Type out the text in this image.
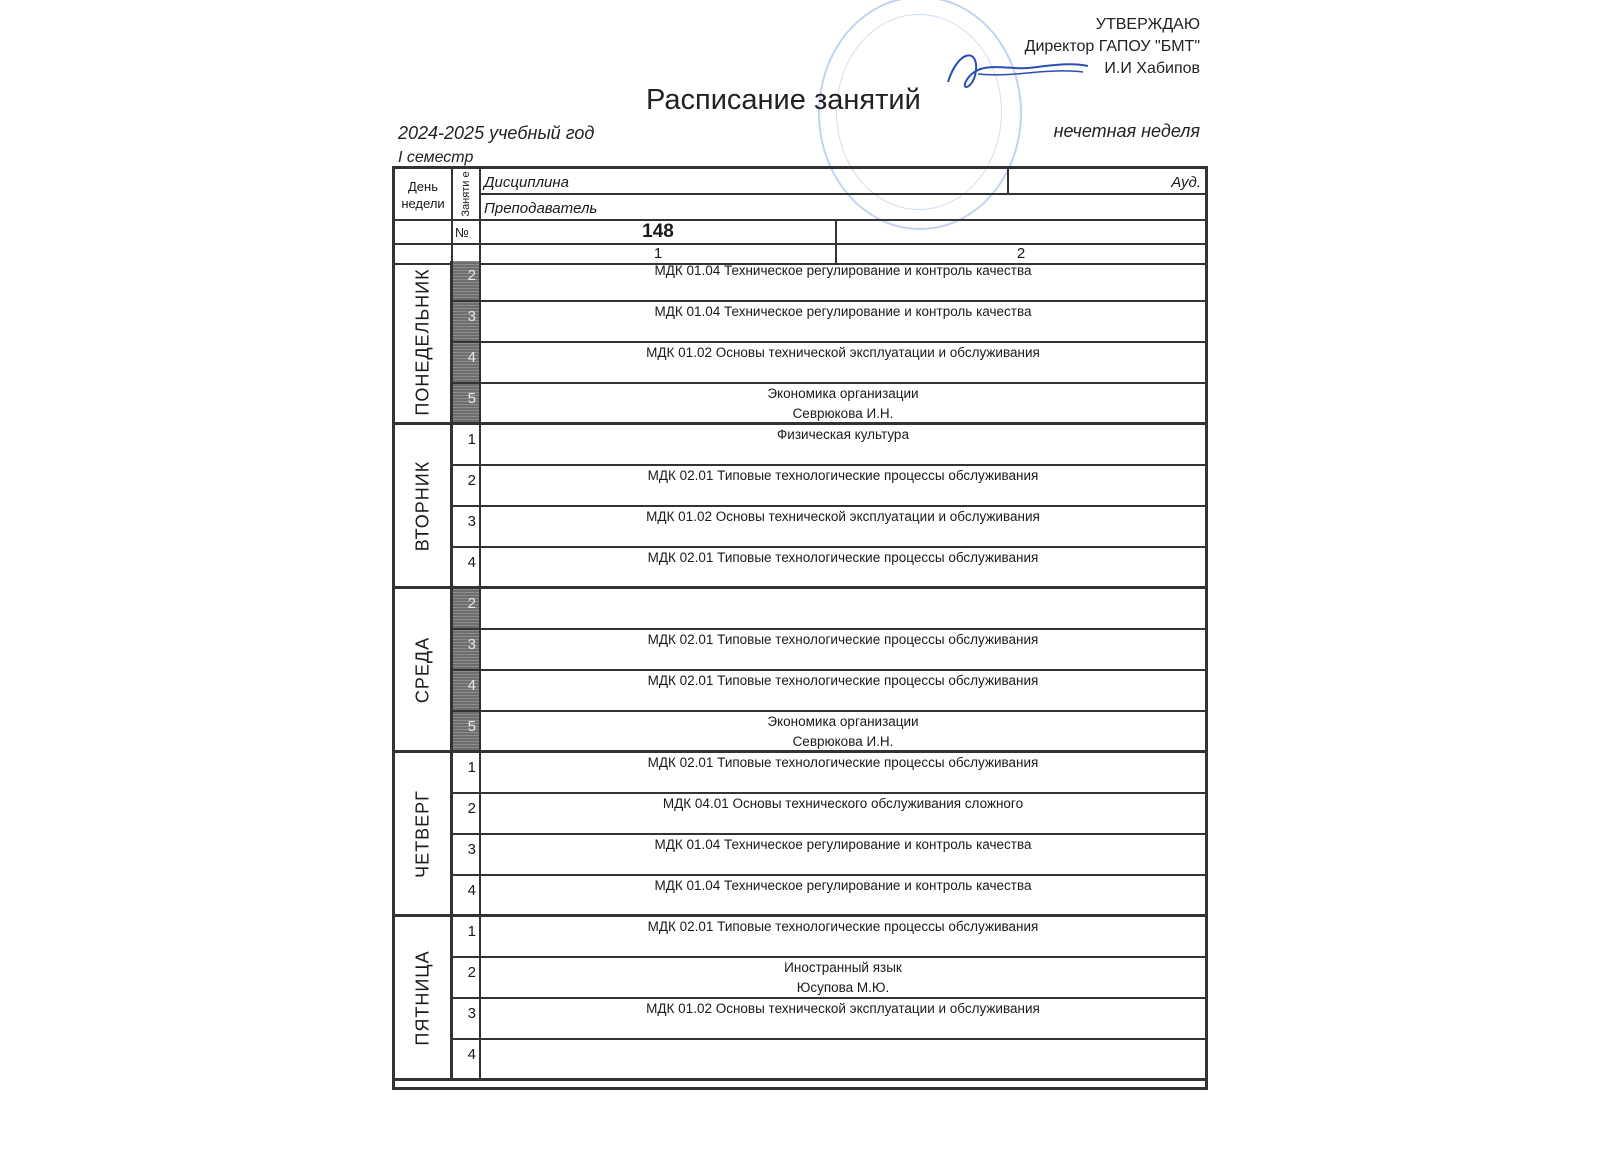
УТВЕРЖДАЮ
Директор ГАПОУ "БМТ"
И.И Хабипов
Расписание занятий
2024-2025 учебный год	нечетная неделя
I семестр
День недели	Заняти е Дисциплина	Ауд.
Преподаватель
№	148
1	2
ПОНЕДЕЛЬНИК	2	МДК 01.04 Техническое регулирование и контроль качества
3	МДК 01.04 Техническое регулирование и контроль качества
4	МДК 01.02 Основы технической эксплуатации и обслуживания
5	Экономика организации
Севрюкова И.Н.
ВТОРНИК
1	Физическая культура
2	МДК 02.01 Типовые технологические процессы обслуживания
3	МДК 01.02 Основы технической эксплуатации и обслуживания
4	МДК 02.01 Типовые технологические процессы обслуживания
СРЕДА
2
3	МДК 02.01 Типовые технологические процессы обслуживания
4	МДК 02.01 Типовые технологические процессы обслуживания
5	Экономика организации
Севрюкова И.Н.
ЧЕТВЕРГ
1	МДК 02.01 Типовые технологические процессы обслуживания
2	МДК 04.01 Основы технического обслуживания сложного
3	МДК 01.04 Техническое регулирование и контроль качества
4	МДК 01.04 Техническое регулирование и контроль качества
ПЯТНИЦА
1	МДК 02.01 Типовые технологические процессы обслуживания
2	Иностранный язык
Юсупова М.Ю.
3	МДК 01.02 Основы технической эксплуатации и обслуживания
4
